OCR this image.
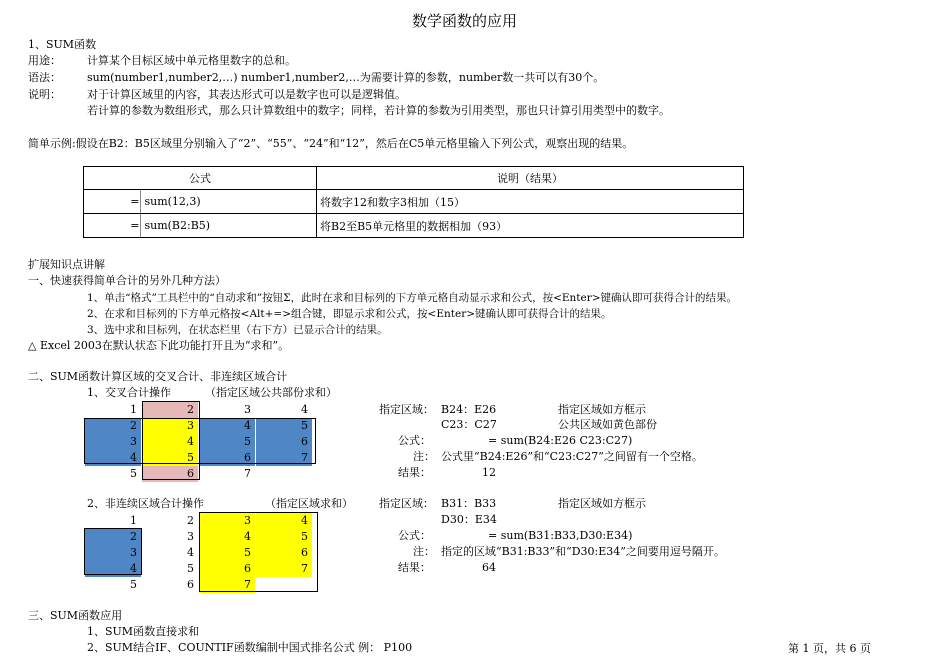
数学函数的应用
1、SUM函数
用途： 计算某个目标区域中单元格里数字的总和。
语法： sum(number1,number2,…) number1,number2,…为需要计算的参数，number数一共可以有30个。
说明： 对于计算区域里的内容，其表达形式可以是数字也可以是逻辑值。
若计算的参数为数组形式，那么只计算数组中的数字；同样，若计算的参数为引用类型，那也只计算引用类型中的数字。
简单示例:假设在B2：B5区域里分别输入了“2”、“55”、“24”和“12”，然后在C5单元格里输入下列公式，观察出现的结果。
公式		说明（结果）
=	sum(12,3)	将数字12和数字3相加（15）
=	sum(B2:B5)	将B2至B5单元格里的数据相加（93）
扩展知识点讲解
一、快速获得简单合计的另外几种方法）
1、单击“格式”工具栏中的“自动求和”按钮Σ，此时在求和目标列的下方单元格自动显示求和公式，按<Enter>键确认即可获得合计的结果。
2、在求和目标列的下方单元格按<Alt+=>组合键，即显示求和公式，按<Enter>键确认即可获得合计的结果。
3、选中求和目标列，在状态栏里（右下方）已显示合计的结果。
△ Excel 2003在默认状态下此功能打开且为“求和”。
二、SUM函数计算区域的交叉合计、非连续区域合计
1、交叉合计操作	（指定区域公共部份求和）
1	2	3	4
2	3	4	5
3	4	5	6
4	5	6	7
5	6	7
指定区域： B24：E26	指定区域如方框示
C23：C27	公共区域如黄色部份
公式：	= sum(B24:E26 C23:C27)
注： 公式里“B24:E26”和“C23:C27”之间留有一个空格。
结果：	12
2、非连续区域合计操作	（指定区域求和）
1	2	3	4
2	3	4	5
3	4	5	6
4	5	6	7
5	6	7
指定区域： B31：B33	指定区域如方框示
D30：E34
公式：	= sum(B31:B33,D30:E34)
注： 指定的区域“B31:B33”和“D30:E34”之间要用逗号隔开。
结果：	64
三、SUM函数应用
1、SUM函数直接求和
2、SUM结合IF、COUNTIF函数编制中国式排名公式 例： P100	第 1 页，共 6 页
